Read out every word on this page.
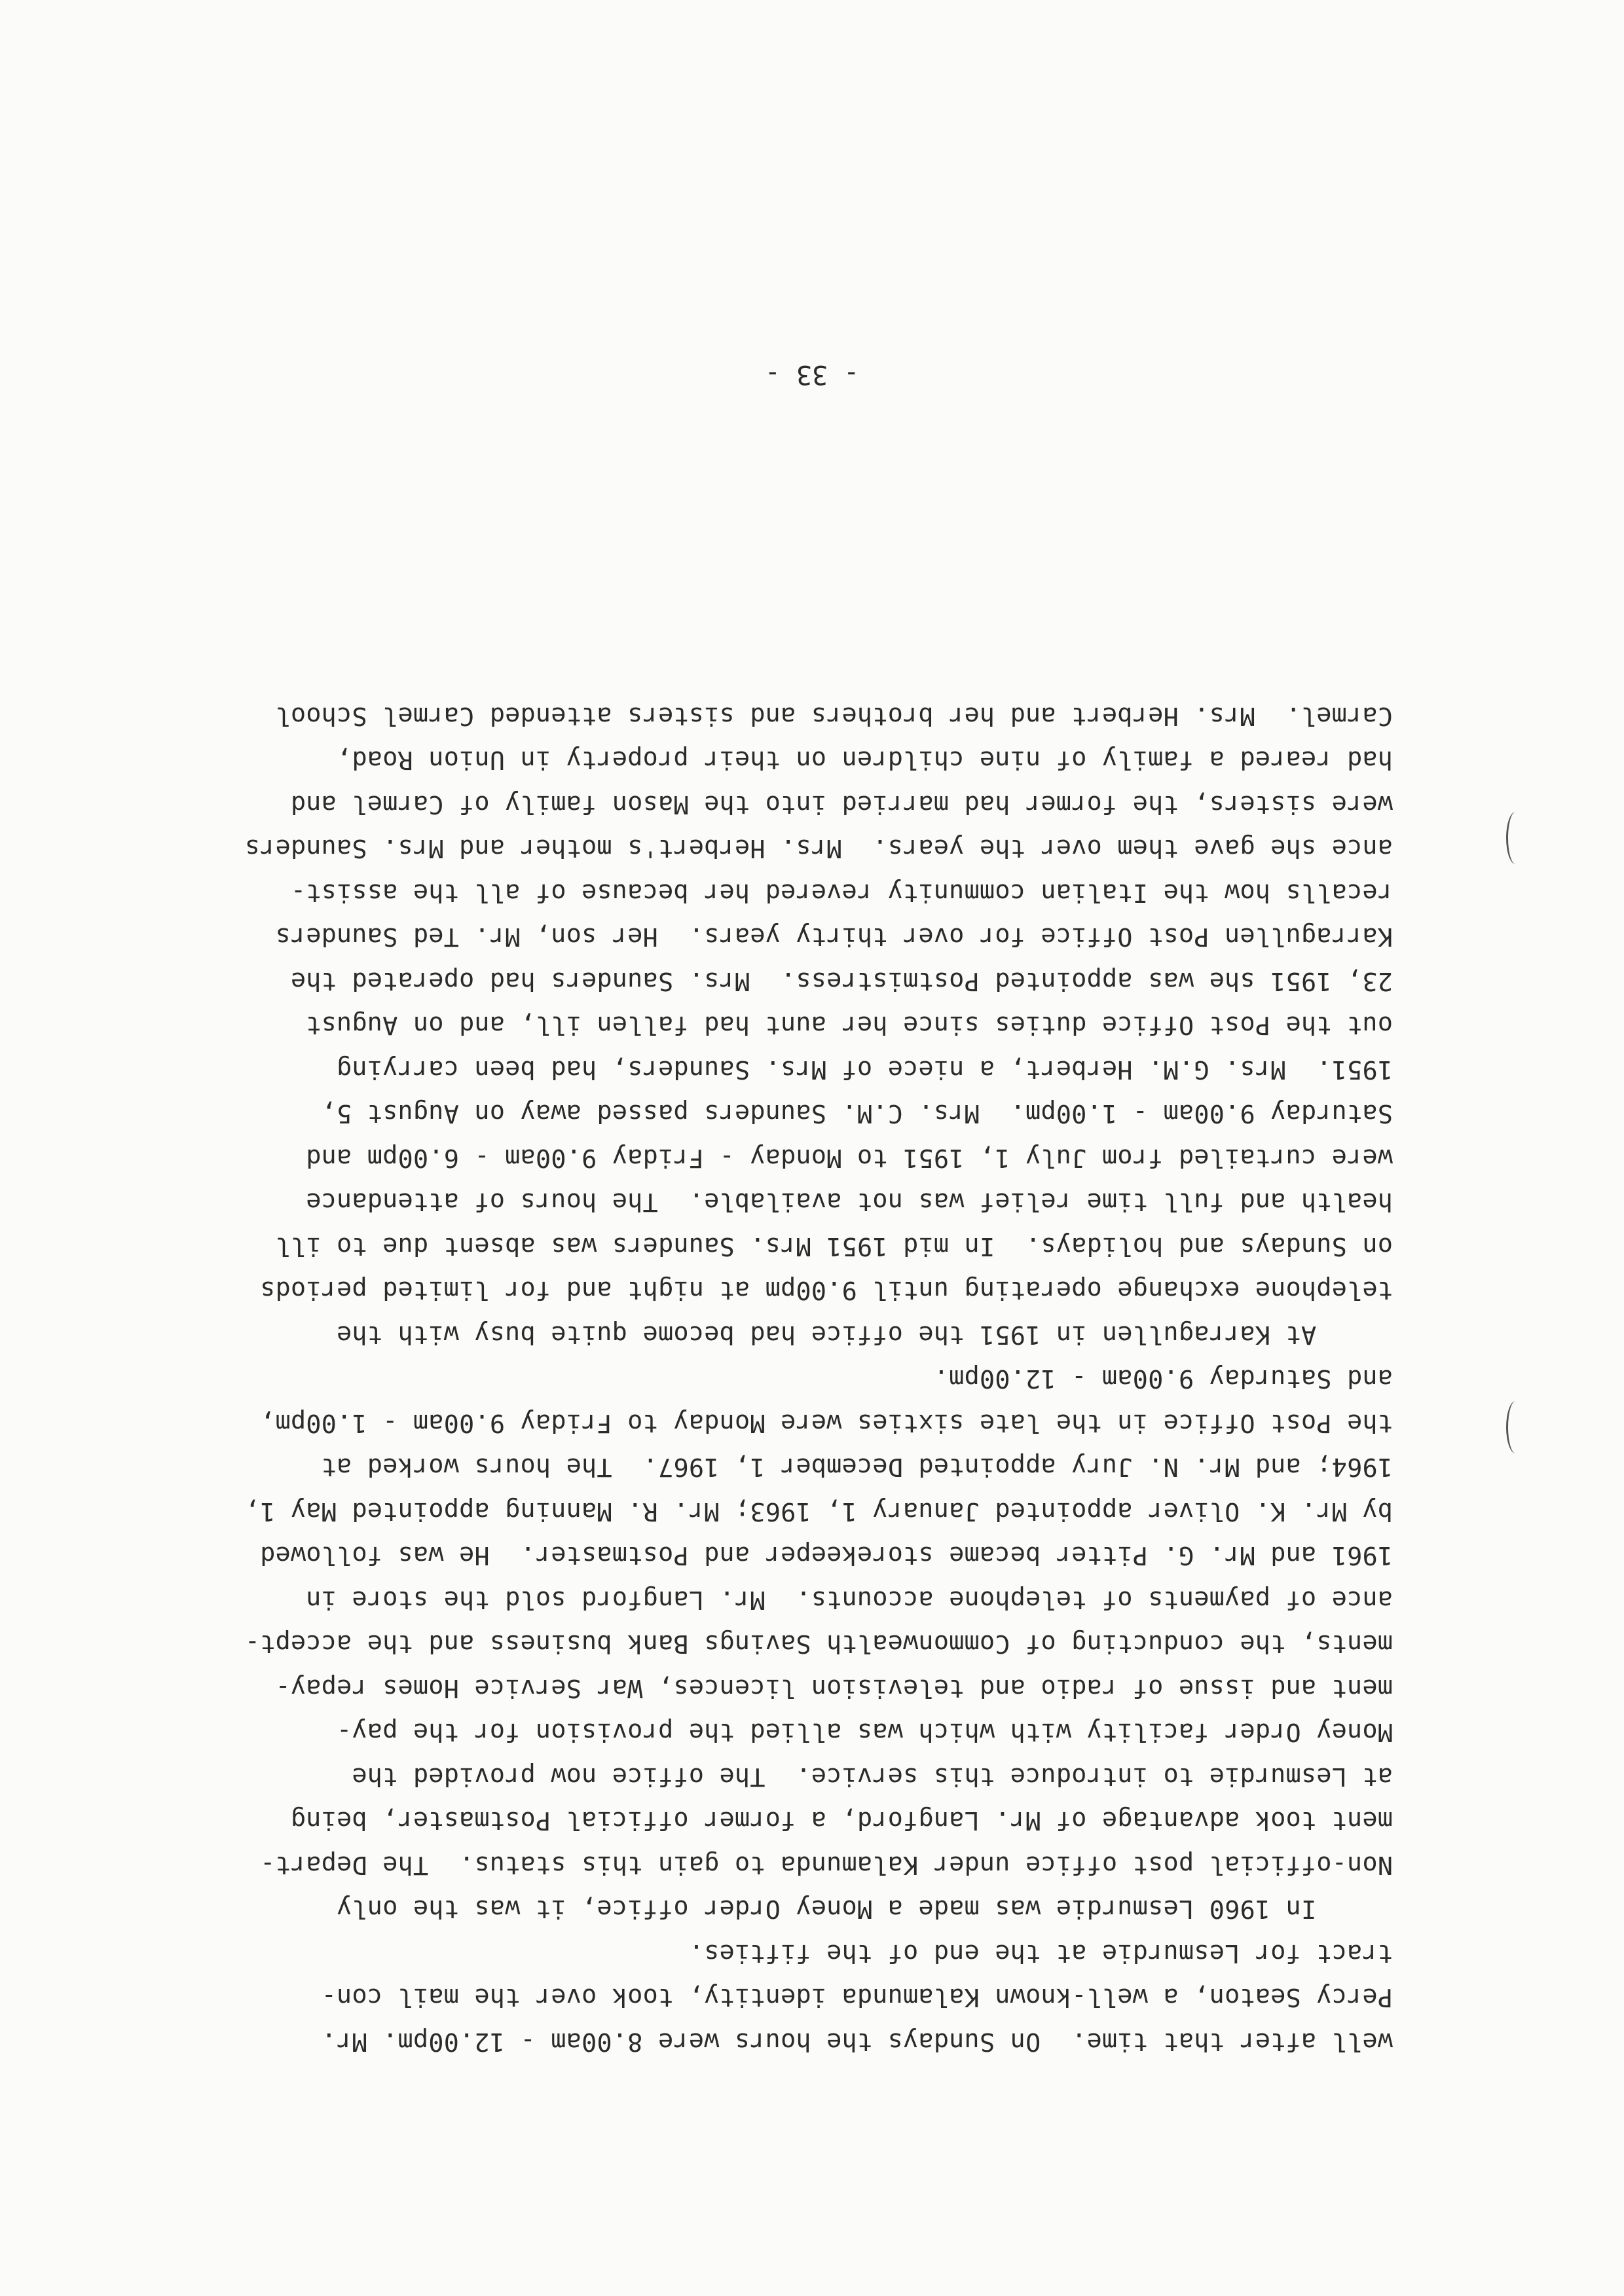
well after that time.  On Sundays the hours were 8.00am - 12.00pm. Mr.
Percy Seaton, a well-known Kalamunda identity, took over the mail con-
tract for Lesmurdie at the end of the fifties.
In 1960 Lesmurdie was made a Money Order office, it was the only
Non-official post office under Kalamunda to gain this status.  The Depart-
ment took advantage of Mr. Langford, a former official Postmaster, being
at Lesmurdie to introduce this service.  The office now provided the
Money Order facility with which was allied the provision for the pay-
ment and issue of radio and television licences, War Service Homes repay-
ments, the conducting of Commonwealth Savings Bank business and the accept-
ance of payments of telephone accounts.  Mr. Langford sold the store in
1961 and Mr. G. Pitter became storekeeper and Postmaster.  He was followed
by Mr. K. Oliver appointed January 1, 1963; Mr. R. Manning appointed May 1,
1964; and Mr. N. Jury appointed December 1, 1967.  The hours worked at
the Post Office in the late sixties were Monday to Friday 9.00am - 1.00pm,
and Saturday 9.00am - 12.00pm.
At Karragullen in 1951 the office had become quite busy with the
telephone exchange operating until 9.00pm at night and for limited periods
on Sundays and holidays.  In mid 1951 Mrs. Saunders was absent due to ill
health and full time relief was not available.  The hours of attendance
were curtailed from July 1, 1951 to Monday - Friday 9.00am - 6.00pm and
Saturday 9.00am - 1.00pm.  Mrs. C.M. Saunders passed away on August 5,
1951.  Mrs. G.M. Herbert, a niece of Mrs. Saunders, had been carrying
out the Post Office duties since her aunt had fallen ill, and on August
23, 1951 she was appointed Postmistress.  Mrs. Saunders had operated the
Karragullen Post Office for over thirty years.  Her son, Mr. Ted Saunders
recalls how the Italian community revered her because of all the assist-
ance she gave them over the years.  Mrs. Herbert's mother and Mrs. Saunders
were sisters, the former had married into the Mason family of Carmel and
had reared a family of nine children on their property in Union Road,
Carmel.  Mrs. Herbert and her brothers and sisters attended Carmel School
- 33 -
